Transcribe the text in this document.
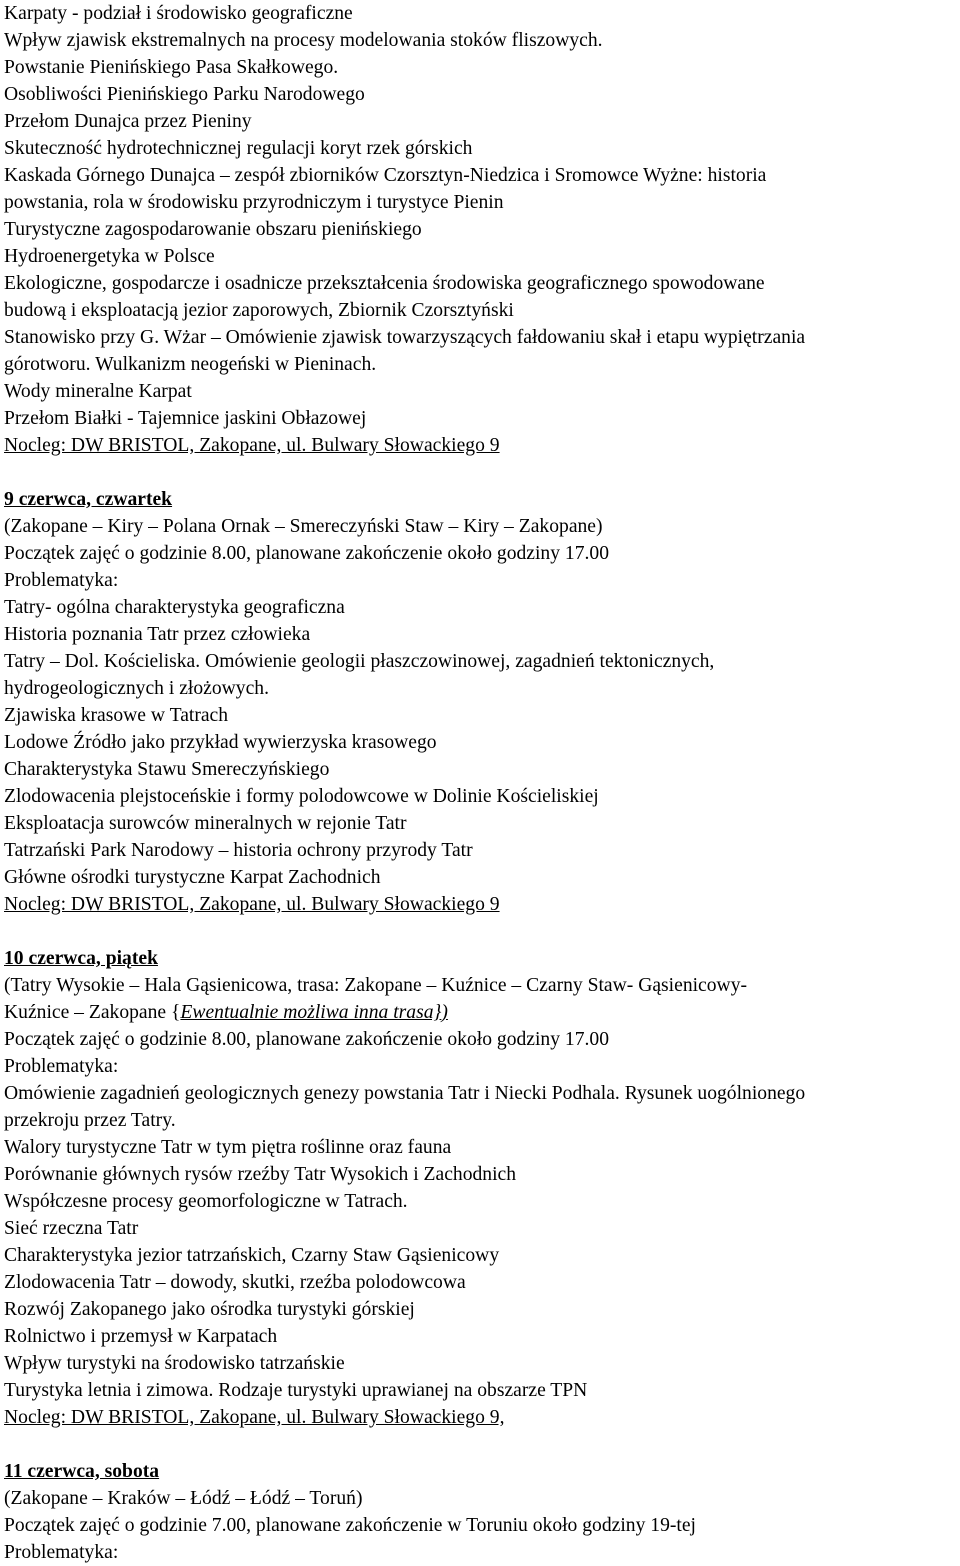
Karpaty - podział i środowisko geograficzne

Wpływ zjawisk ekstremalnych na procesy modelowania stoków fliszowych.

Powstanie Pienińskiego Pasa Skałkowego.

Osobliwości Pienińskiego Parku Narodowego

Przełom Dunajca przez Pieniny

Skuteczność hydrotechnicznej regulacji koryt rzek górskich

Kaskada Górnego Dunajca – zespół zbiorników Czorsztyn-Niedzica i Sromowce Wyżne: historia

powstania, rola w środowisku przyrodniczym i turystyce Pienin

Turystyczne zagospodarowanie obszaru pienińskiego

Hydroenergetyka w Polsce

Ekologiczne, gospodarcze i osadnicze przekształcenia środowiska geograficznego spowodowane

budową i eksploatacją jezior zaporowych, Zbiornik Czorsztyński

Stanowisko przy G. Wżar – Omówienie zjawisk towarzyszących fałdowaniu skał i etapu wypiętrzania

górotworu. Wulkanizm neogeński w Pieninach.

Wody mineralne Karpat

Przełom Białki - Tajemnice jaskini Obłazowej

Nocleg: DW BRISTOL, Zakopane, ul. Bulwary Słowackiego 9

9 czerwca, czwartek

(Zakopane – Kiry – Polana Ornak – Smereczyński Staw – Kiry – Zakopane)

Początek zajęć o godzinie 8.00, planowane zakończenie około godziny 17.00

Problematyka:

Tatry- ogólna charakterystyka geograficzna

Historia poznania Tatr przez człowieka

Tatry – Dol. Kościeliska. Omówienie geologii płaszczowinowej, zagadnień tektonicznych,

hydrogeologicznych i złożowych.

Zjawiska krasowe w Tatrach

Lodowe Źródło jako przykład wywierzyska krasowego

Charakterystyka Stawu Smereczyńskiego

Zlodowacenia plejstoceńskie i formy polodowcowe w Dolinie Kościeliskiej

Eksploatacja surowców mineralnych w rejonie Tatr

Tatrzański Park Narodowy – historia ochrony przyrody Tatr

Główne ośrodki turystyczne Karpat Zachodnich

Nocleg: DW BRISTOL, Zakopane, ul. Bulwary Słowackiego 9

10 czerwca, piątek

(Tatry Wysokie – Hala Gąsienicowa, trasa: Zakopane – Kuźnice – Czarny Staw- Gąsienicowy-

Kuźnice – Zakopane {Ewentualnie możliwa inna trasa})

Początek zajęć o godzinie 8.00, planowane zakończenie około godziny 17.00

Problematyka:

Omówienie zagadnień geologicznych genezy powstania Tatr i Niecki Podhala. Rysunek uogólnionego

przekroju przez Tatry.

Walory turystyczne Tatr w tym piętra roślinne oraz fauna

Porównanie głównych rysów rzeźby Tatr Wysokich i Zachodnich

Współczesne procesy geomorfologiczne w Tatrach.

Sieć rzeczna Tatr

Charakterystyka jezior tatrzańskich, Czarny Staw Gąsienicowy

Zlodowacenia Tatr – dowody, skutki, rzeźba polodowcowa

Rozwój Zakopanego jako ośrodka turystyki górskiej

Rolnictwo i przemysł w Karpatach

Wpływ turystyki na środowisko tatrzańskie

Turystyka letnia i zimowa. Rodzaje turystyki uprawianej na obszarze TPN

Nocleg: DW BRISTOL, Zakopane, ul. Bulwary Słowackiego 9,

11 czerwca, sobota

(Zakopane – Kraków – Łódź – Łódź – Toruń)

Początek zajęć o godzinie 7.00, planowane zakończenie w Toruniu około godziny 19-tej

Problematyka:
